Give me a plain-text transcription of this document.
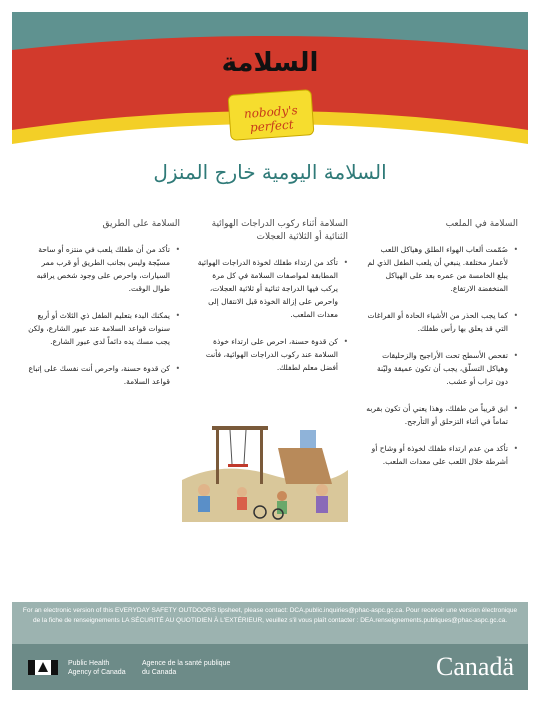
السلامة
nobody's perfect
السلامة اليومية خارج المنزل
السلامة في الملعب
• صُمّمت ألعاب الهواء الطلق وهياكل اللعب لأعمار مختلفة. ينبغي أن يلعب الطفل الذي لم يبلغ الخامسة من عمره بعد على الهياكل المنخفضة الارتفاع.
• كما يجب الحذر من الأشياء الحادة أو الفراغات التي قد يعلق بها رأس طفلك.
• تفحص الأسطح تحت الأراجيح والزحليقات وهياكل التسلّق، يجب أن تكون عميقة وليّنة دون تراب أو عشب.
• ابق قريباً من طفلك، وهذا يعني أن تكون بقربه تماماً في أثناء التزحلق أو التأرجح.
• تأكد من عدم ارتداء طفلك لخوذة أو وشاح أو أشرطة خلال اللعب على معدات الملعب.
السلامة أثناء ركوب الدراجات الهوائية الثنائية أو الثلاثية العجلات
• تأكد من ارتداء طفلك لخوذة الدراجات الهوائية المطابقة لمواصفات السلامة في كل مرة يركب فيها الدراجة ثنائية أو ثلاثية العجلات، واحرص على إزالة الخوذة قبل الانتقال إلى معدات الملعب.
• كن قدوة حسنة، احرص على ارتداء خوذة السلامة عند ركوب الدراجات الهوائية، فأنت أفضل معلم لطفلك.
السلامة على الطريق
• تأكد من أن طفلك يلعب في منتزه أو ساحة مسيّجة وليس بجانب الطريق أو قرب ممر السيارات، واحرص على وجود شخص يراقبه طوال الوقت.
• يمكنك البدء بتعليم الطفل ذي الثلاث أو أربع سنوات قواعد السلامة عند عبور الشارع، ولكن يجب مسك يده دائماً لدى عبور الشارع.
• كن قدوة حسنة، واحرص أنت نفسك على إتباع قواعد السلامة.
For an electronic version of this EVERYDAY SAFETY OUTDOORS tipsheet, please contact: DCA.public.inquiries@phac-aspc.gc.ca. Pour recevoir une version électronique de la fiche de renseignements LA SÉCURITÉ AU QUOTIDIEN À L'EXTÉRIEUR, veuillez s'il vous plaît contacter : DEA.renseignements.publiques@phac-aspc.gc.ca.
Public Health Agency of Canada
Agence de la santé publique du Canada	Canadä
